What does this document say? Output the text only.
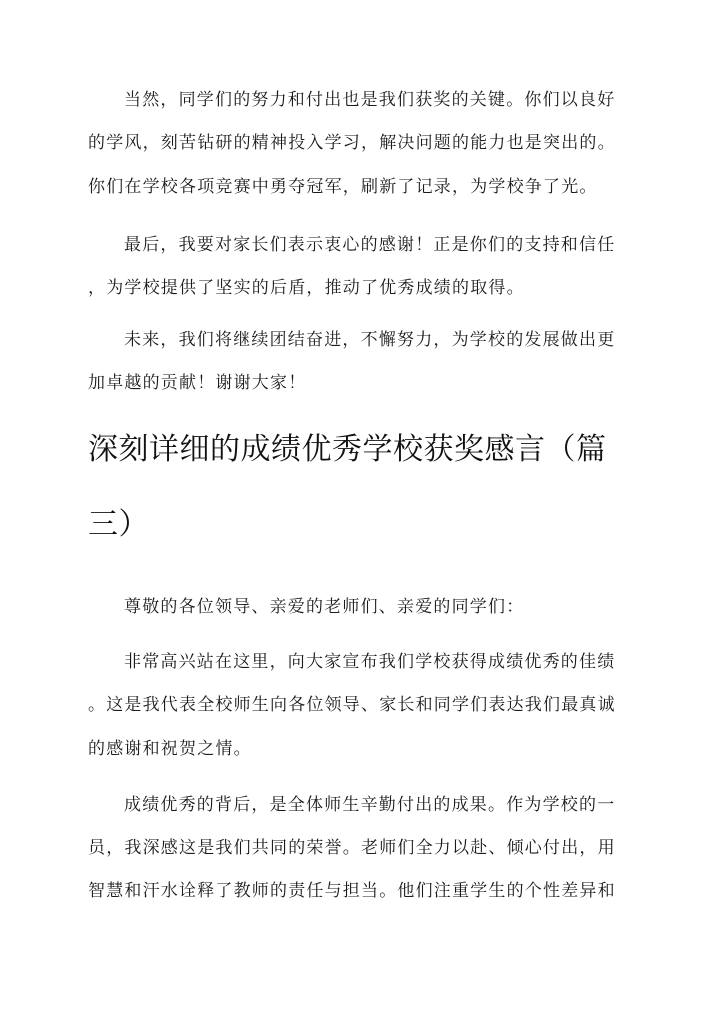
当然，同学们的努力和付出也是我们获奖的关键。你们以良好
的学风，刻苦钻研的精神投入学习，解决问题的能力也是突出的。
你们在学校各项竞赛中勇夺冠军，刷新了记录，为学校争了光。
最后，我要对家长们表示衷心的感谢！正是你们的支持和信任
，为学校提供了坚实的后盾，推动了优秀成绩的取得。
未来，我们将继续团结奋进，不懈努力，为学校的发展做出更
加卓越的贡献！谢谢大家！
深刻详细的成绩优秀学校获奖感言（篇
三）
尊敬的各位领导、亲爱的老师们、亲爱的同学们：
非常高兴站在这里，向大家宣布我们学校获得成绩优秀的佳绩
。这是我代表全校师生向各位领导、家长和同学们表达我们最真诚
的感谢和祝贺之情。
成绩优秀的背后，是全体师生辛勤付出的成果。作为学校的一
员，我深感这是我们共同的荣誉。老师们全力以赴、倾心付出，用
智慧和汗水诠释了教师的责任与担当。他们注重学生的个性差异和
